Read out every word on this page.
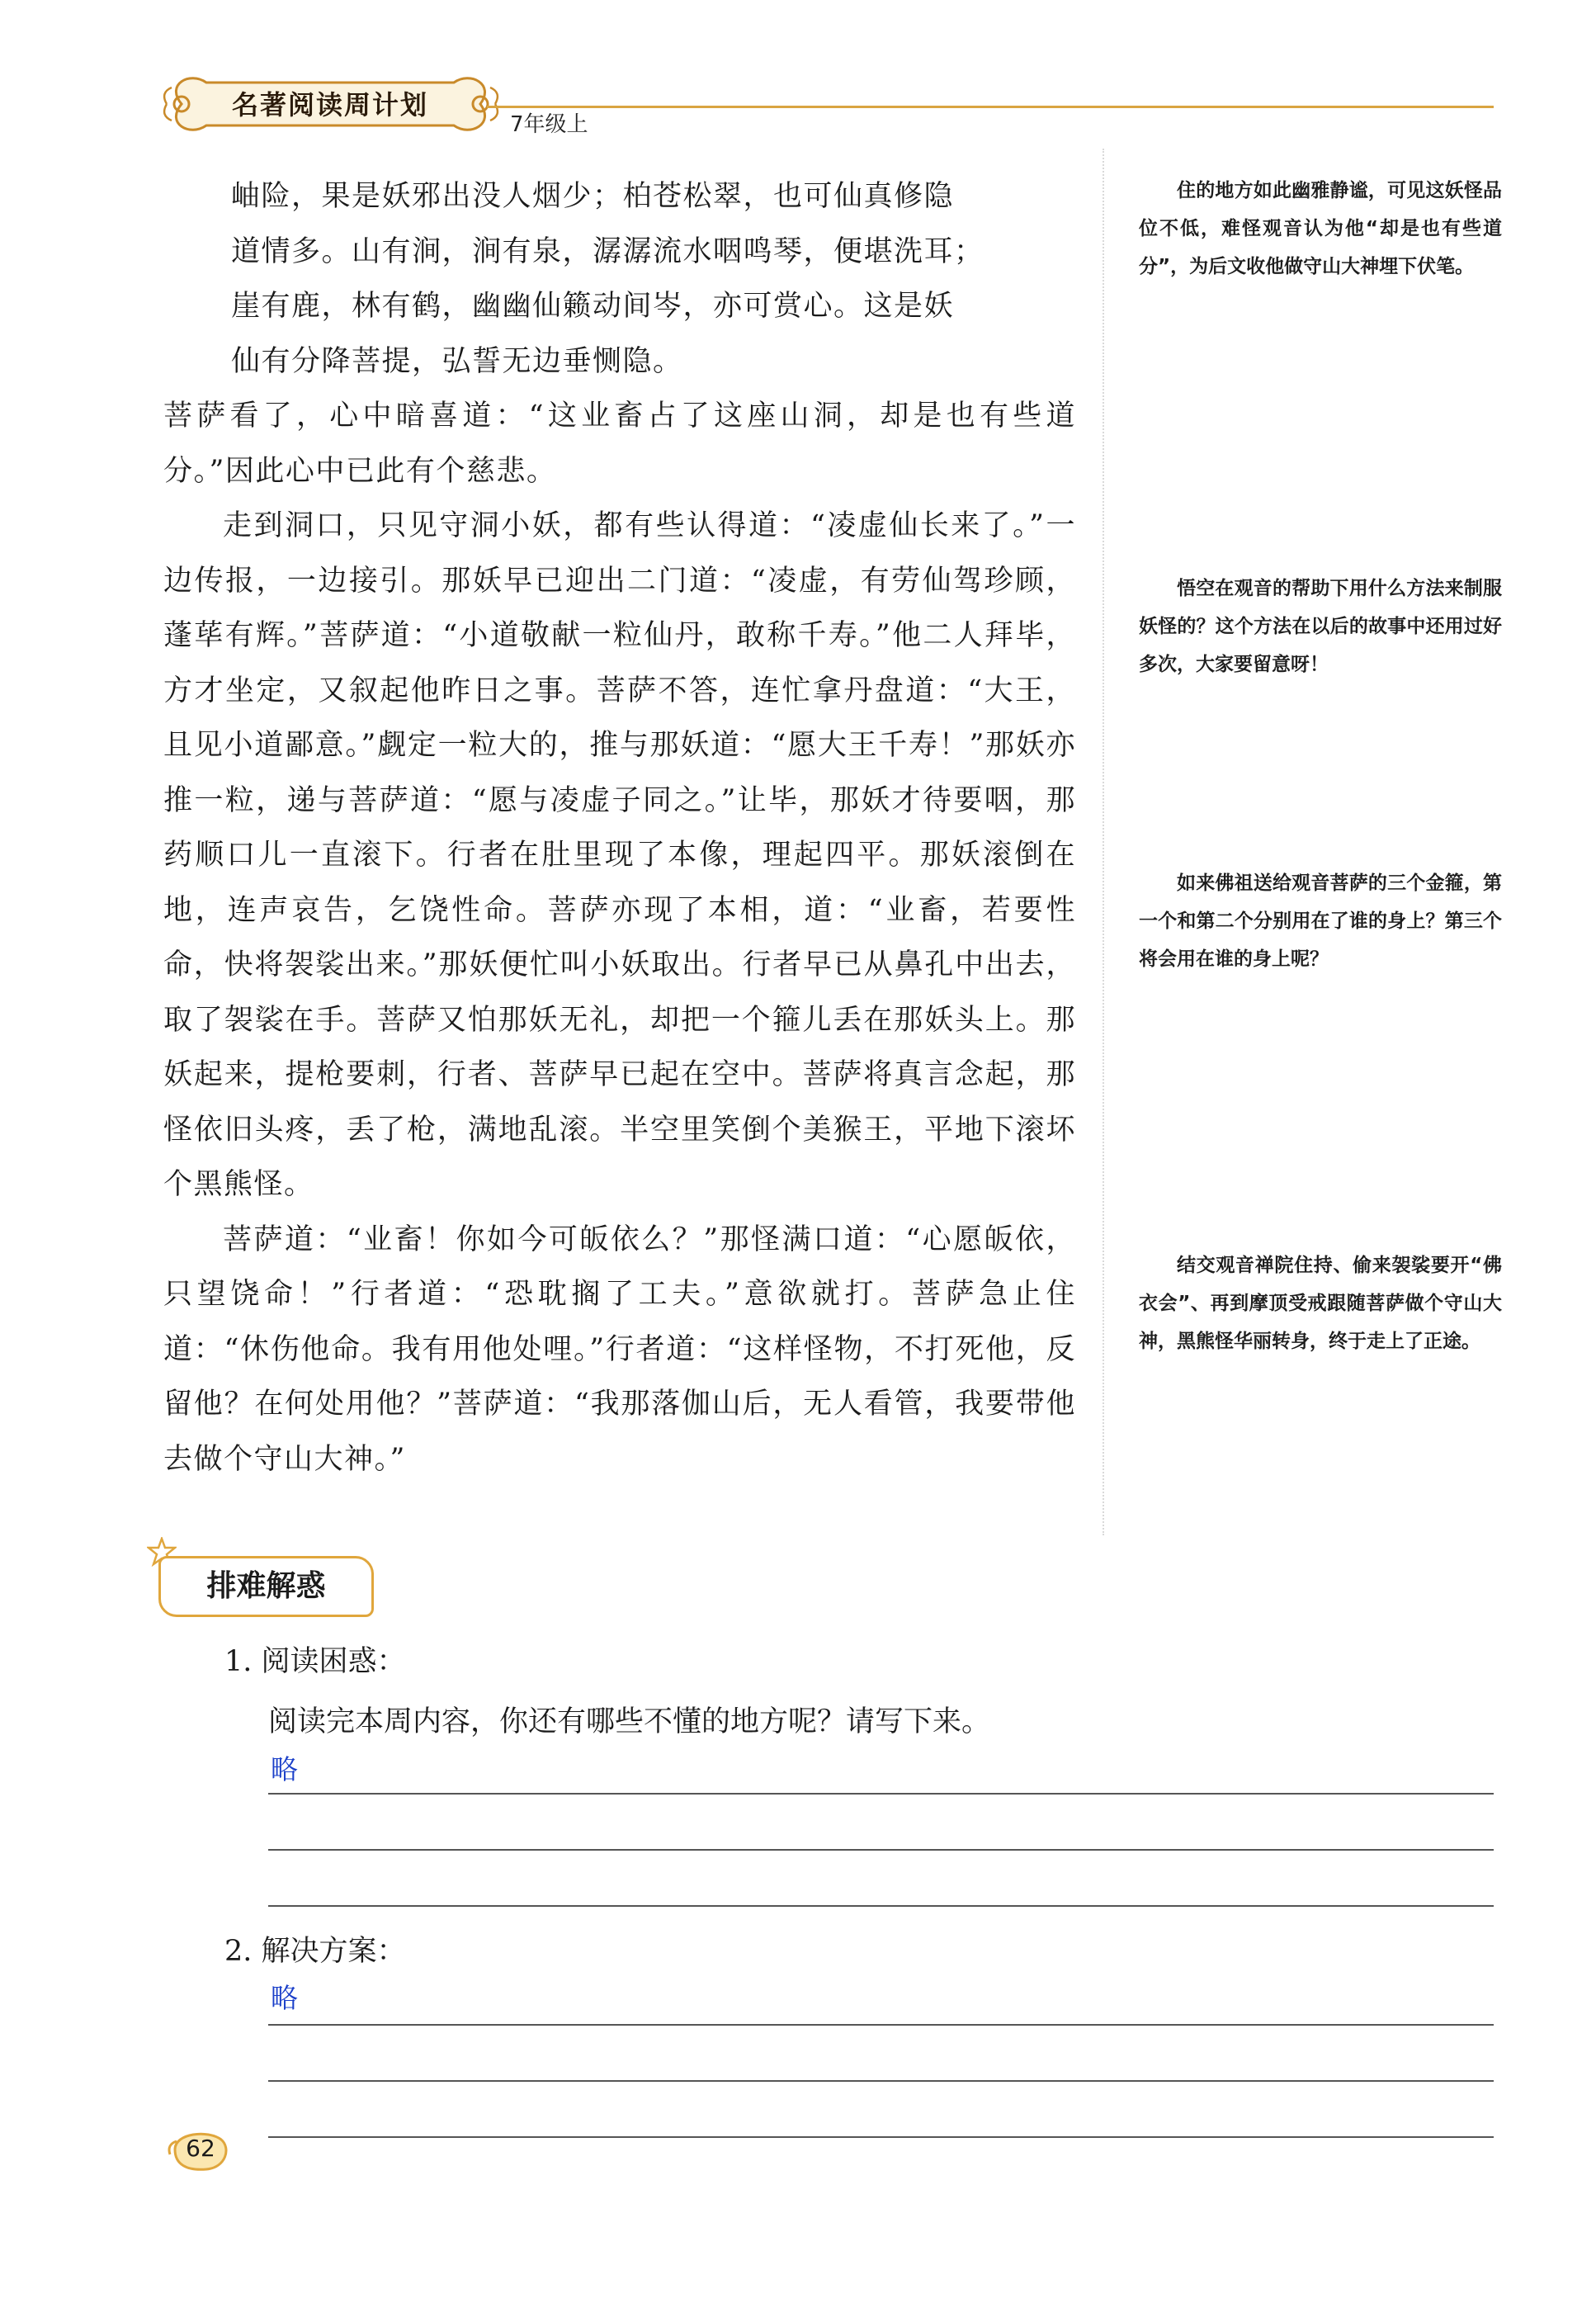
名著阅读周计划
7年级上

岫险，果是妖邪出没人烟少；柏苍松翠，也可仙真修隐

道情多。山有涧，涧有泉，潺潺流水咽鸣琴，便堪洗耳；

崖有鹿，林有鹤，幽幽仙籁动间岑，亦可赏心。这是妖

仙有分降菩提，弘誓无边垂恻隐。

菩萨看了，心中暗喜道：“这业畜占了这座山洞，却是也有些道分。”因此心中已此有个慈悲。

走到洞口，只见守洞小妖，都有些认得道：“凌虚仙长来了。”一边传报，一边接引。那妖早已迎出二门道：“凌虚，有劳仙驾珍顾，蓬荜有辉。”菩萨道：“小道敬献一粒仙丹，敢称千寿。”他二人拜毕，方才坐定，又叙起他昨日之事。菩萨不答，连忙拿丹盘道：“大王，且见小道鄙意。”觑定一粒大的，推与那妖道：“愿大王千寿！”那妖亦推一粒，递与菩萨道：“愿与凌虚子同之。”让毕，那妖才待要咽，那药顺口儿一直滚下。行者在肚里现了本像，理起四平。那妖滚倒在地，连声哀告，乞饶性命。菩萨亦现了本相，道：“业畜，若要性命，快将袈裟出来。”那妖便忙叫小妖取出。行者早已从鼻孔中出去，取了袈裟在手。菩萨又怕那妖无礼，却把一个箍儿丢在那妖头上。那妖起来，提枪要刺，行者、菩萨早已起在空中。菩萨将真言念起，那怪依旧头疼，丢了枪，满地乱滚。半空里笑倒个美猴王，平地下滚坏个黑熊怪。

菩萨道：“业畜！你如今可皈依么？”那怪满口道：“心愿皈依，只望饶命！”行者道：“恐耽搁了工夫。”意欲就打。菩萨急止住道：“休伤他命。我有用他处哩。”行者道：“这样怪物，不打死他，反留他？在何处用他？”菩萨道：“我那落伽山后，无人看管，我要带他去做个守山大神。”

住的地方如此幽雅静谧，可见这妖怪品位不低，难怪观音认为他“却是也有些道分”，为后文收他做守山大神埋下伏笔。

悟空在观音的帮助下用什么方法来制服妖怪的？这个方法在以后的故事中还用过好多次，大家要留意呀！

如来佛祖送给观音菩萨的三个金箍，第一个和第二个分别用在了谁的身上？第三个将会用在谁的身上呢？

结交观音禅院住持、偷来袈裟要开“佛衣会”、再到摩顶受戒跟随菩萨做个守山大神，黑熊怪华丽转身，终于走上了正途。

排难解惑
1. 阅读困惑：
阅读完本周内容，你还有哪些不懂的地方呢？请写下来。
略
2. 解决方案：
略
62
